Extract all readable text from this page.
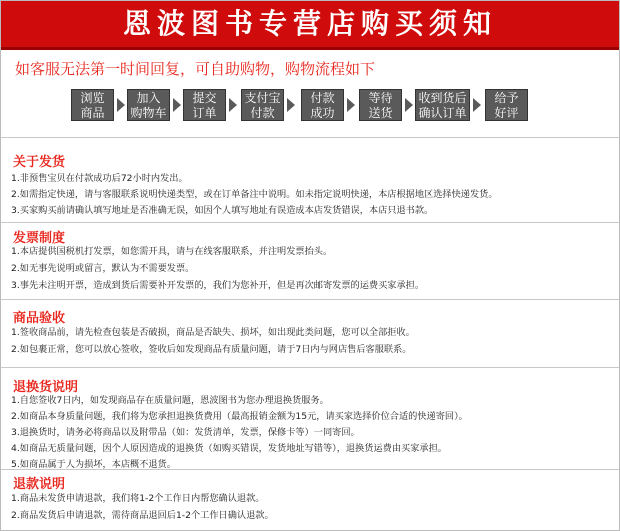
恩波图书专营店购买须知
如客服无法第一时间回复，可自助购物，购物流程如下
浏览
商品
加入
购物车
提交
订单
支付宝
付款
付款
成功
等待
送货
收到货后
确认订单
给予
好评
关于发货
1.非预售宝贝在付款成功后72小时内发出。
2.如需指定快递，请与客服联系说明快递类型，或在订单备注中说明。如未指定说明快递，本店根据地区选择快递发货。
3.买家购买前请确认填写地址是否准确无误，如因个人填写地址有误造成本店发货错误，本店只退书款。
发票制度
1.本店提供国税机打发票，如您需开具，请与在线客服联系，并注明发票抬头。
2.如无事先说明或留言，默认为不需要发票。
3.事先未注明开票，造成到货后需要补开发票的，我们为您补开，但是再次邮寄发票的运费买家承担。
商品验收
1.签收商品前，请先检查包装是否破损，商品是否缺失、损坏，如出现此类问题，您可以全部拒收。
2.如包裹正常，您可以放心签收，签收后如发现商品有质量问题，请于7日内与网店售后客服联系。
退换货说明
1.自您签收7日内，如发现商品存在质量问题，恩波图书为您办理退换货服务。
2.如商品本身质量问题，我们将为您承担退换货费用（最高报销金额为15元，请买家选择价位合适的快递寄回）。
3.退换货时，请务必将商品以及附带品（如：发货清单，发票，保修卡等）一同寄回。
4.如商品无质量问题，因个人原因造成的退换货（如购买错误，发货地址写错等），退换货运费由买家承担。
5.如商品属于人为损坏，本店概不退货。
退款说明
1.商品未发货申请退款，我们将1-2个工作日内帮您确认退款。
2.商品发货后申请退款，需待商品退回后1-2个工作日确认退款。
